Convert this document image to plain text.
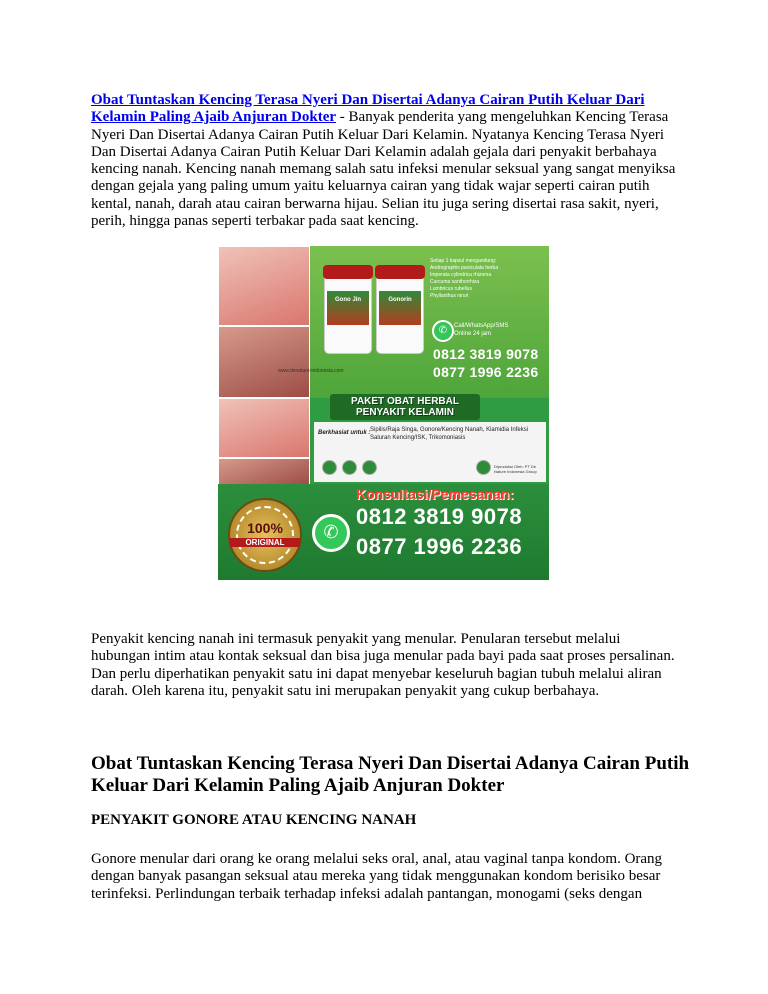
Obat Tuntaskan Kencing Terasa Nyeri Dan Disertai Adanya Cairan Putih Keluar Dari Kelamin Paling Ajaib Anjuran Dokter - Banyak penderita yang mengeluhkan Kencing Terasa Nyeri Dan Disertai Adanya Cairan Putih Keluar Dari Kelamin. Nyatanya Kencing Terasa Nyeri Dan Disertai Adanya Cairan Putih Keluar Dari Kelamin adalah gejala dari penyakit berbahaya kencing nanah. Kencing nanah memang salah satu infeksi menular seksual yang sangat menyiksa dengan gejala yang paling umum yaitu keluarnya cairan yang tidak wajar seperti cairan putih kental, nanah, darah atau cairan berwarna hijau. Selian itu juga sering disertai rasa sakit, nyeri, perih, hingga panas seperti terbakar pada saat kencing.

Gono Jin	Gonorin
Setiap 1 kapsul mengandung:
Andrographis paniculata herba
Imperata cylindrica rhizoma
Curcuma xanthorrhiza
Lumbricus rubellus
Phyllanthus niruri
✆	Call/WhatsApp/SMS
Online 24 jam
0812 3819 9078
0877 1996 2236
www.denature-indonesia.com
PAKET OBAT HERBAL
PENYAKIT KELAMIN
Berkhasiat untuk : Sipilis/Raja Singa, Gonore/Kencing Nanah, Klamidia Infeksi Saluran Kencing/ISK, Trikomoniasis
Diproduksi Oleh: PT De Nature Indonesia Group
100%
ORIGINAL	✆
Konsultasi/Pemesanan:
0812 3819 9078
0877 1996 2236

Penyakit kencing nanah ini termasuk penyakit yang menular. Penularan tersebut melalui hubungan intim atau kontak seksual dan bisa juga menular pada bayi pada saat proses persalinan. Dan perlu diperhatikan penyakit satu ini dapat menyebar keseluruh bagian tubuh melalui aliran darah. Oleh karena itu, penyakit satu ini merupakan penyakit yang cukup berbahaya.

Obat Tuntaskan Kencing Terasa Nyeri Dan Disertai Adanya Cairan Putih Keluar Dari Kelamin Paling Ajaib Anjuran Dokter
PENYAKIT GONORE ATAU KENCING NANAH

Gonore menular dari orang ke orang melalui seks oral, anal, atau vaginal tanpa kondom. Orang dengan banyak pasangan seksual atau mereka yang tidak menggunakan kondom berisiko besar terinfeksi. Perlindungan terbaik terhadap infeksi adalah pantangan, monogami (seks dengan
